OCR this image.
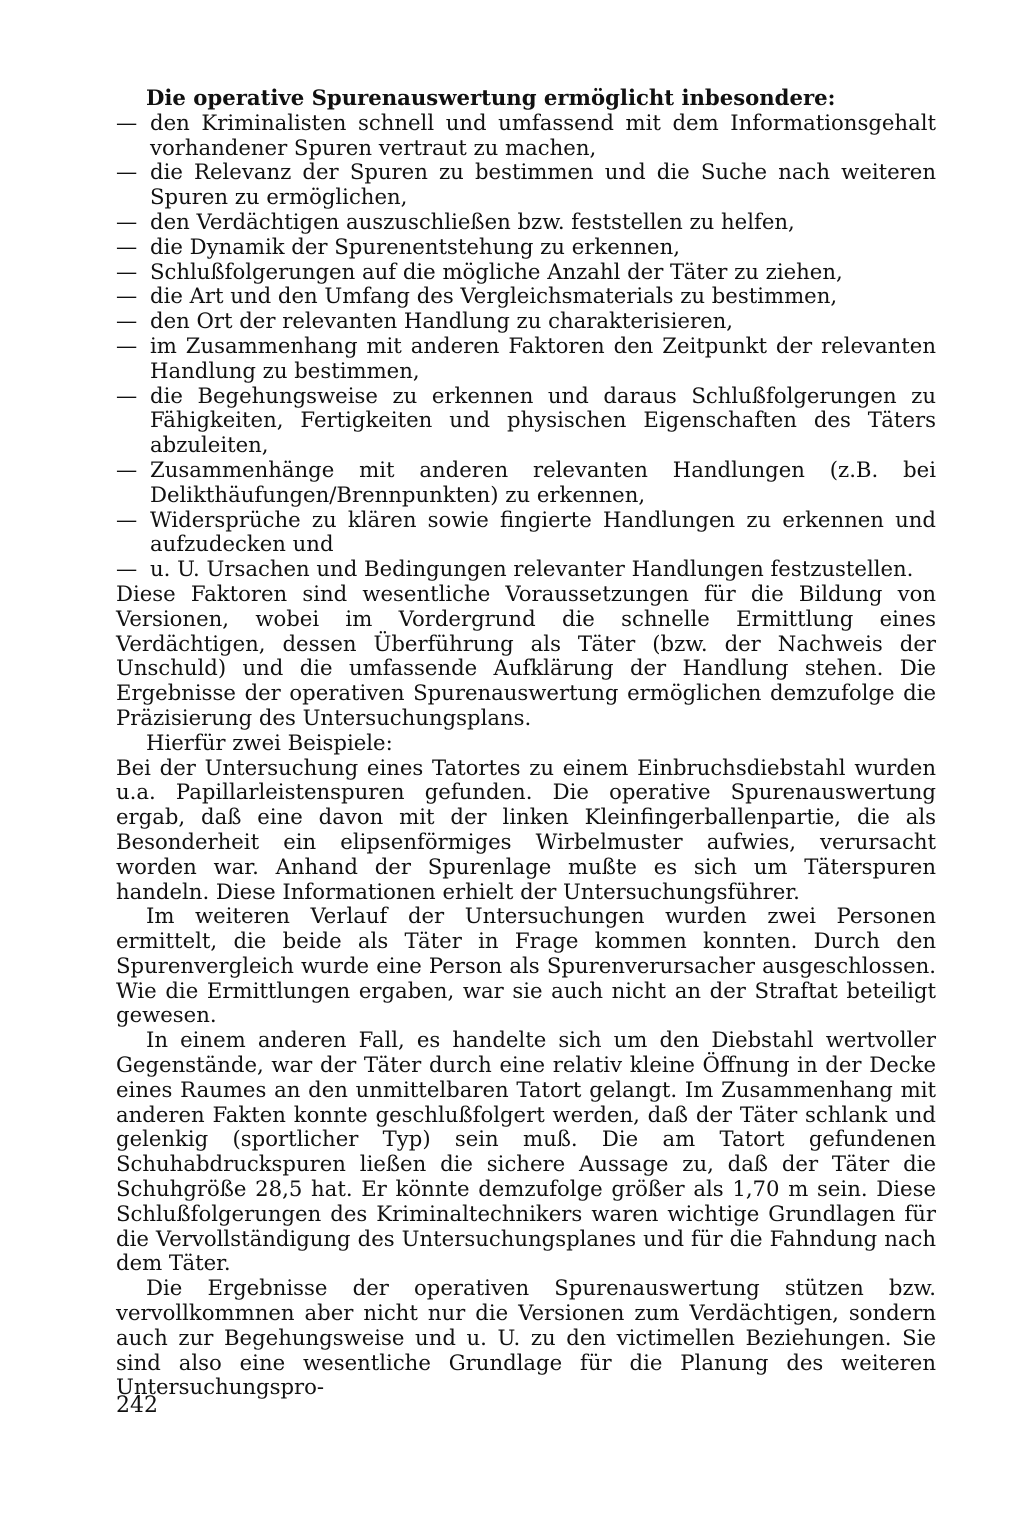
Die operative Spurenauswertung ermöglicht inbesondere:

— den Kriminalisten schnell und umfassend mit dem Informationsgehalt vorhandener Spuren vertraut zu machen,
— die Relevanz der Spuren zu bestimmen und die Suche nach weiteren Spuren zu ermöglichen,
— den Verdächtigen auszuschließen bzw. feststellen zu helfen,
— die Dynamik der Spurenentstehung zu erkennen,
— Schlußfolgerungen auf die mögliche Anzahl der Täter zu ziehen,
— die Art und den Umfang des Vergleichsmaterials zu bestimmen,
— den Ort der relevanten Handlung zu charakterisieren,
— im Zusammenhang mit anderen Faktoren den Zeitpunkt der relevanten Handlung zu bestimmen,
— die Begehungsweise zu erkennen und daraus Schlußfolgerungen zu Fähigkeiten, Fertigkeiten und physischen Eigenschaften des Täters abzuleiten,
— Zusammenhänge mit anderen relevanten Handlungen (z.B. bei Delikthäufungen/Brennpunkten) zu erkennen,
— Widersprüche zu klären sowie fingierte Handlungen zu erkennen und aufzudecken und
— u. U. Ursachen und Bedingungen relevanter Handlungen festzustellen.

Diese Faktoren sind wesentliche Voraussetzungen für die Bildung von Versionen, wobei im Vordergrund die schnelle Ermittlung eines Verdächtigen, dessen Überführung als Täter (bzw. der Nachweis der Unschuld) und die umfassende Aufklärung der Handlung stehen. Die Ergebnisse der operativen Spurenauswertung ermöglichen demzufolge die Präzisierung des Untersuchungsplans.

Hierfür zwei Beispiele:

Bei der Untersuchung eines Tatortes zu einem Einbruchsdiebstahl wurden u.a. Papillarleistenspuren gefunden. Die operative Spurenauswertung ergab, daß eine davon mit der linken Kleinfingerballenpartie, die als Besonderheit ein elipsenförmiges Wirbelmuster aufwies, verursacht worden war. Anhand der Spurenlage mußte es sich um Täterspuren handeln. Diese Informationen erhielt der Untersuchungsführer.

Im weiteren Verlauf der Untersuchungen wurden zwei Personen ermittelt, die beide als Täter in Frage kommen konnten. Durch den Spurenvergleich wurde eine Person als Spurenverursacher ausgeschlossen. Wie die Ermittlungen ergaben, war sie auch nicht an der Straftat beteiligt gewesen.

In einem anderen Fall, es handelte sich um den Diebstahl wertvoller Gegenstände, war der Täter durch eine relativ kleine Öffnung in der Decke eines Raumes an den unmittelbaren Tatort gelangt. Im Zusammenhang mit anderen Fakten konnte geschlußfolgert werden, daß der Täter schlank und gelenkig (sportlicher Typ) sein muß. Die am Tatort gefundenen Schuhabdruckspuren ließen die sichere Aussage zu, daß der Täter die Schuhgröße 28,5 hat. Er könnte demzufolge größer als 1,70 m sein. Diese Schlußfolgerungen des Kriminaltechnikers waren wichtige Grundlagen für die Vervollständigung des Untersuchungsplanes und für die Fahndung nach dem Täter.

Die Ergebnisse der operativen Spurenauswertung stützen bzw. vervollkommnen aber nicht nur die Versionen zum Verdächtigen, sondern auch zur Begehungsweise und u. U. zu den victimellen Beziehungen. Sie sind also eine wesentliche Grundlage für die Planung des weiteren Untersuchungspro-

242
